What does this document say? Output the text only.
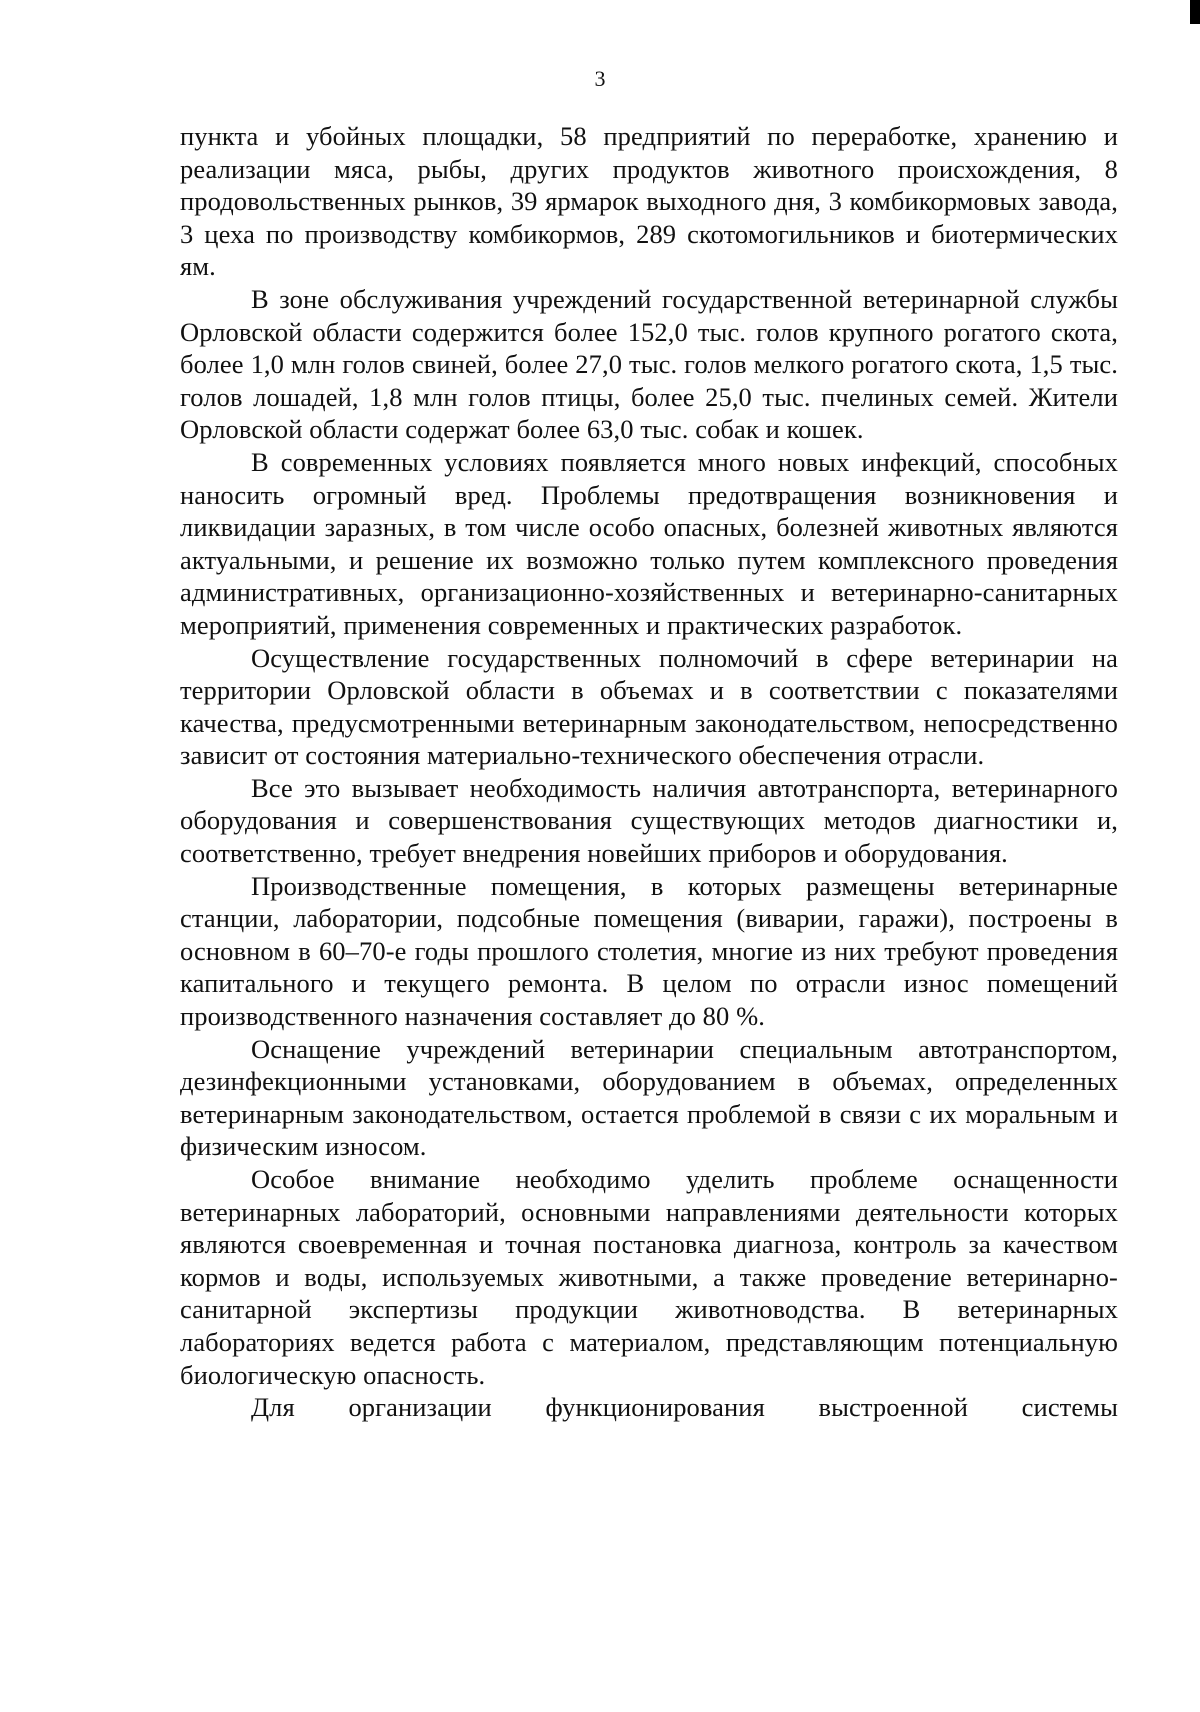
3

пункта и убойных площадки, 58 предприятий по переработке, хранению и реализации мяса, рыбы, других продуктов животного происхождения, 8 продовольственных рынков, 39 ярмарок выходного дня, 3 комбикормовых завода, 3 цеха по производству комбикормов, 289 скотомогильников и биотермических ям.

В зоне обслуживания учреждений государственной ветеринарной службы Орловской области содержится более 152,0 тыс. голов крупного рогатого скота, более 1,0 млн голов свиней, более 27,0 тыс. голов мелкого рогатого скота, 1,5 тыс. голов лошадей, 1,8 млн голов птицы, более 25,0 тыс. пчелиных семей. Жители Орловской области содержат более 63,0 тыс. собак и кошек.

В современных условиях появляется много новых инфекций, способных наносить огромный вред. Проблемы предотвращения возникновения и ликвидации заразных, в том числе особо опасных, болезней животных являются актуальными, и решение их возможно только путем комплексного проведения административных, организационно-хозяйственных и ветеринарно-санитарных мероприятий, применения современных и практических разработок.

Осуществление государственных полномочий в сфере ветеринарии на территории Орловской области в объемах и в соответствии с показателями качества, предусмотренными ветеринарным законодательством, непосредственно зависит от состояния материально-технического обеспечения отрасли.

Все это вызывает необходимость наличия автотранспорта, ветеринарного оборудования и совершенствования существующих методов диагностики и, соответственно, требует внедрения новейших приборов и оборудования.

Производственные помещения, в которых размещены ветеринарные станции, лаборатории, подсобные помещения (виварии, гаражи), построены в основном в 60–70-е годы прошлого столетия, многие из них требуют проведения капитального и текущего ремонта. В целом по отрасли износ помещений производственного назначения составляет до 80 %.

Оснащение учреждений ветеринарии специальным автотранспортом, дезинфекционными установками, оборудованием в объемах, определенных ветеринарным законодательством, остается проблемой в связи с их моральным и физическим износом.

Особое внимание необходимо уделить проблеме оснащенности ветеринарных лабораторий, основными направлениями деятельности которых являются своевременная и точная постановка диагноза, контроль за качеством кормов и воды, используемых животными, а также проведение ветеринарно-санитарной экспертизы продукции животноводства. В ветеринарных лабораториях ведется работа с материалом, представляющим потенциальную биологическую опасность.

Для организации функционирования выстроенной системы
